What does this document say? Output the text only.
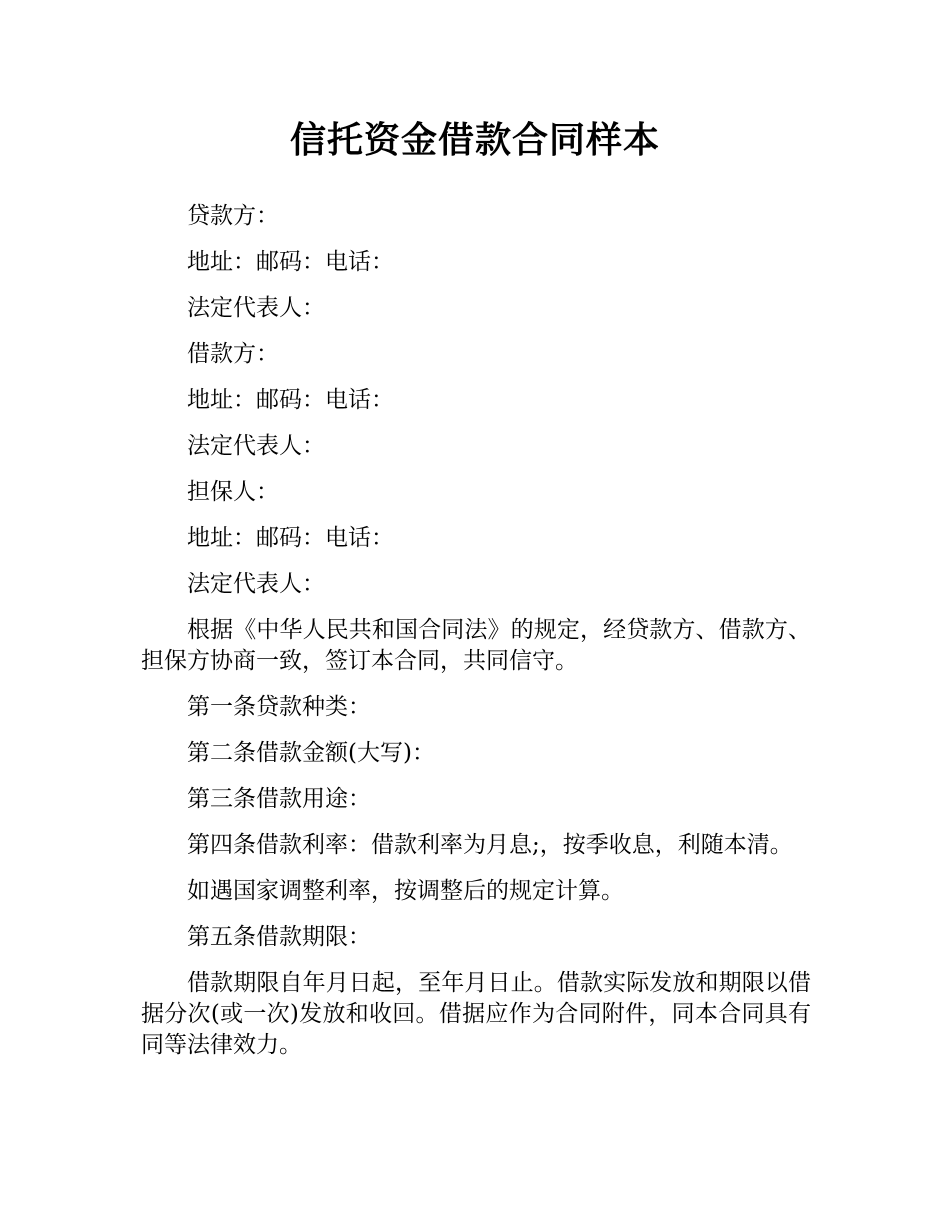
信托资金借款合同样本

贷款方：

地址：邮码：电话：

法定代表人：

借款方：

地址：邮码：电话：

法定代表人：

担保人：

地址：邮码：电话：

法定代表人：

根据《中华人民共和国合同法》的规定，经贷款方、借款方、担保方协商一致，签订本合同，共同信守。

第一条贷款种类：

第二条借款金额(大写)：

第三条借款用途：

第四条借款利率：借款利率为月息;，按季收息，利随本清。

如遇国家调整利率，按调整后的规定计算。

第五条借款期限：

借款期限自年月日起，至年月日止。借款实际发放和期限以借据分次(或一次)发放和收回。借据应作为合同附件，同本合同具有同等法律效力。
